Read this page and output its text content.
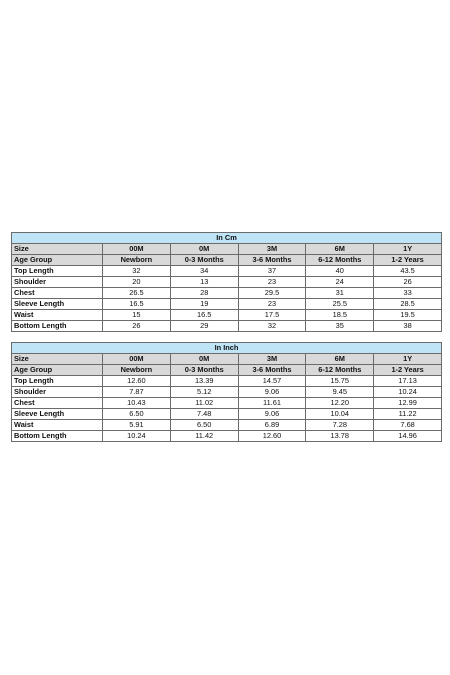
In Cm					
Size	00M	0M	3M	6M	1Y
Age Group	Newborn	0-3 Months	3-6 Months	6-12 Months	1-2 Years
Top Length	32	34	37	40	43.5
Shoulder	20	13	23	24	26
Chest	26.5	28	29.5	31	33
Sleeve Length	16.5	19	23	25.5	28.5
Waist	15	16.5	17.5	18.5	19.5
Bottom Length	26	29	32	35	38
In Inch					
Size	00M	0M	3M	6M	1Y
Age Group	Newborn	0-3 Months	3-6 Months	6-12 Months	1-2 Years
Top Length	12.60	13.39	14.57	15.75	17.13
Shoulder	7.87	5.12	9.06	9.45	10.24
Chest	10.43	11.02	11.61	12.20	12.99
Sleeve Length	6.50	7.48	9.06	10.04	11.22
Waist	5.91	6.50	6.89	7.28	7.68
Bottom Length	10.24	11.42	12.60	13.78	14.96
